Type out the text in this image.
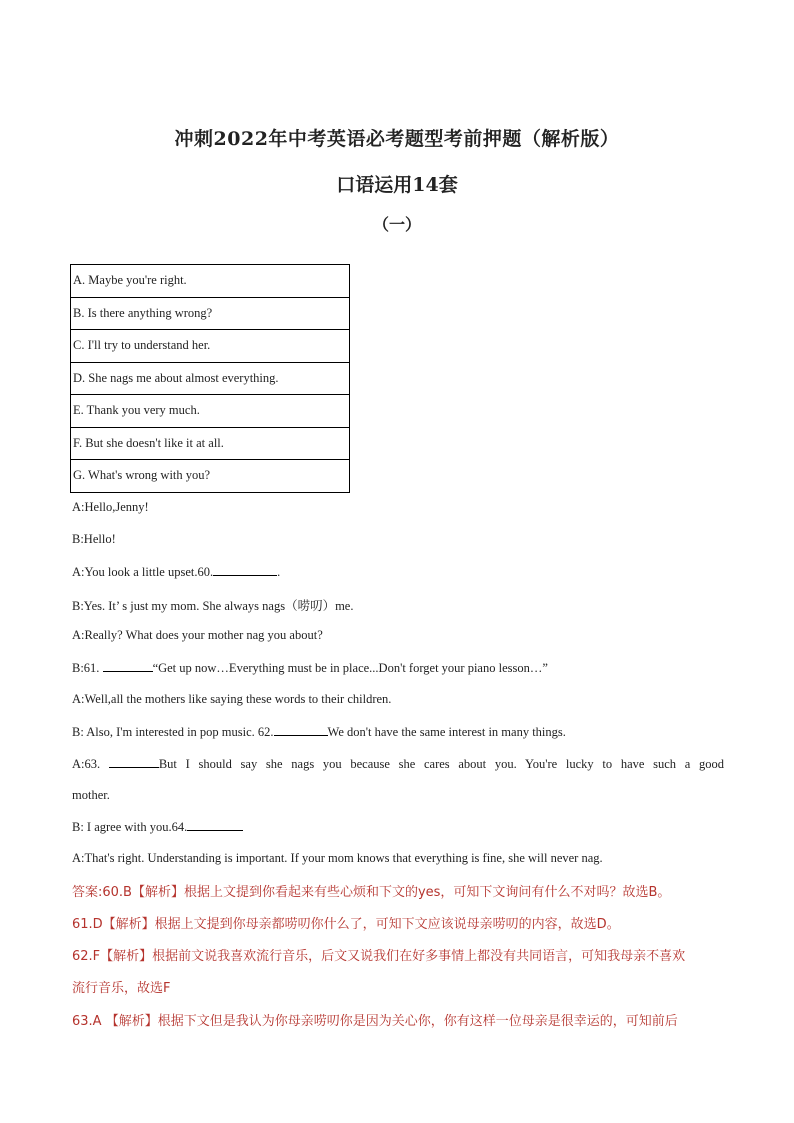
冲刺2022年中考英语必考题型考前押题（解析版）
口语运用14套
（一）
A. Maybe you're right.
B. Is there anything wrong?
C. I'll try to understand her.
D. She nags me about almost everything.
E. Thank you very much.
F. But she doesn't like it at all.
G. What's wrong with you?
A:Hello,Jenny!
B:Hello!
A:You look a little upset.60.	.
B:Yes. It’ s just my mom. She always nags（唠叨）me.
A:Really? What does your mother nag you about?
B:61.	“Get up now…Everything must be in place...Don't forget your piano lesson…”
A:Well,all the mothers like saying these words to their children.
B: Also, I'm interested in pop music. 62.	We don't have the same interest in many things.
A:63.	But I should say she nags you because she cares about you. You're lucky to have such a good
mother.
B: I agree with you.64.
A:That's right. Understanding is important. If your mom knows that everything is fine, she will never nag.
答案:60.B【解析】根据上文提到你看起来有些心烦和下文的yes，可知下文询问有什么不对吗？故选B。
61.D【解析】根据上文提到你母亲都唠叨你什么了，可知下文应该说母亲唠叨的内容，故选D。
62.F【解析】根据前文说我喜欢流行音乐，后文又说我们在好多事情上都没有共同语言，可知我母亲不喜欢
流行音乐，故选F
63.A 【解析】根据下文但是我认为你母亲唠叨你是因为关心你，你有这样一位母亲是很幸运的，可知前后
